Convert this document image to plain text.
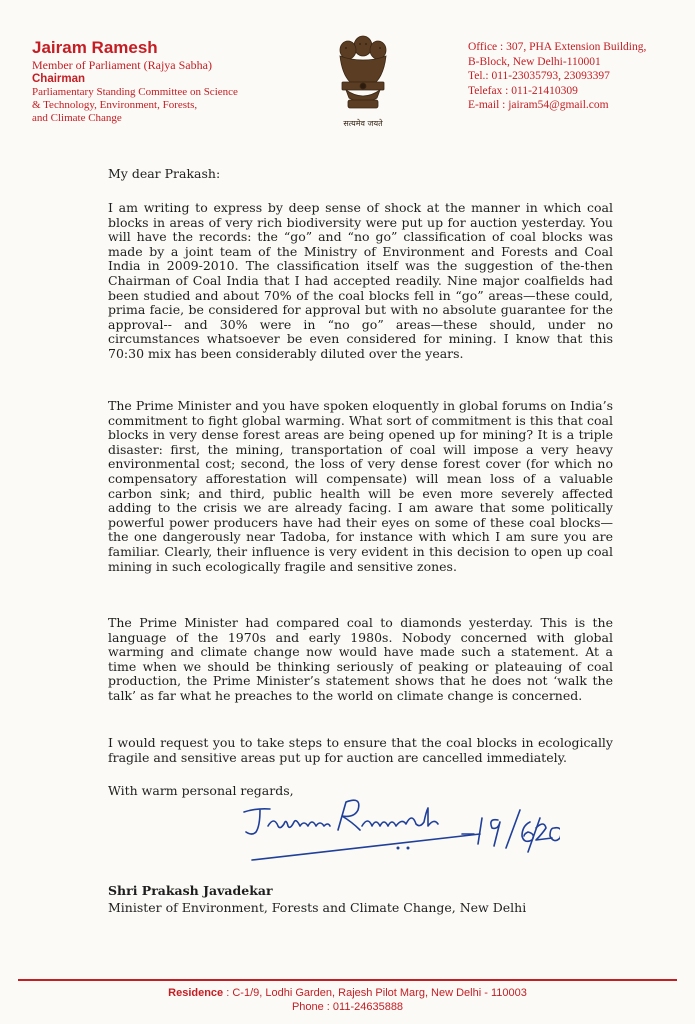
Jairam Ramesh
Member of Parliament (Rajya Sabha)
Chairman
Parliamentary Standing Committee on Science
& Technology, Environment, Forests,
and Climate Change	सत्यमेव जयते
Office : 307, PHA Extension Building,
B-Block, New Delhi-110001
Tel.: 011-23035793, 23093397
Telefax : 011-21410309
E-mail : jairam54@gmail.com
My dear Prakash:
I am writing to express by deep sense of shock at the manner in which coal blocks in areas of very rich biodiversity were put up for auction yesterday. You will have the records: the “go” and “no go” classification of coal blocks was made by a joint team of the Ministry of Environment and Forests and Coal India in 2009-2010. The classification itself was the suggestion of the-then Chairman of Coal India that I had accepted readily. Nine major coalfields had been studied and about 70% of the coal blocks fell in “go” areas—these could, prima facie, be considered for approval but with no absolute guarantee for the approval-- and 30% were in “no go” areas—these should, under no circumstances whatsoever be even considered for mining. I know that this 70:30 mix has been considerably diluted over the years.
The Prime Minister and you have spoken eloquently in global forums on India’s commitment to fight global warming. What sort of commitment is this that coal blocks in very dense forest areas are being opened up for mining? It is a triple disaster: first, the mining, transportation of coal will impose a very heavy environmental cost; second, the loss of very dense forest cover (for which no compensatory afforestation will compensate) will mean loss of a valuable carbon sink; and third, public health will be even more severely affected adding to the crisis we are already facing. I am aware that some politically powerful power producers have had their eyes on some of these coal blocks—the one dangerously near Tadoba, for instance with which I am sure you are familiar. Clearly, their influence is very evident in this decision to open up coal mining in such ecologically fragile and sensitive zones.
The Prime Minister had compared coal to diamonds yesterday. This is the language of the 1970s and early 1980s. Nobody concerned with global warming and climate change now would have made such a statement. At a time when we should be thinking seriously of peaking or plateauing of coal production, the Prime Minister’s statement shows that he does not ‘walk the talk’ as far what he preaches to the world on climate change is concerned.
I would request you to take steps to ensure that the coal blocks in ecologically fragile and sensitive areas put up for auction are cancelled immediately.
With warm personal regards,
Shri Prakash Javadekar
Minister of Environment, Forests and Climate Change, New Delhi
Residence : C-1/9, Lodhi Garden, Rajesh Pilot Marg, New Delhi - 110003
Phone : 011-24635888
